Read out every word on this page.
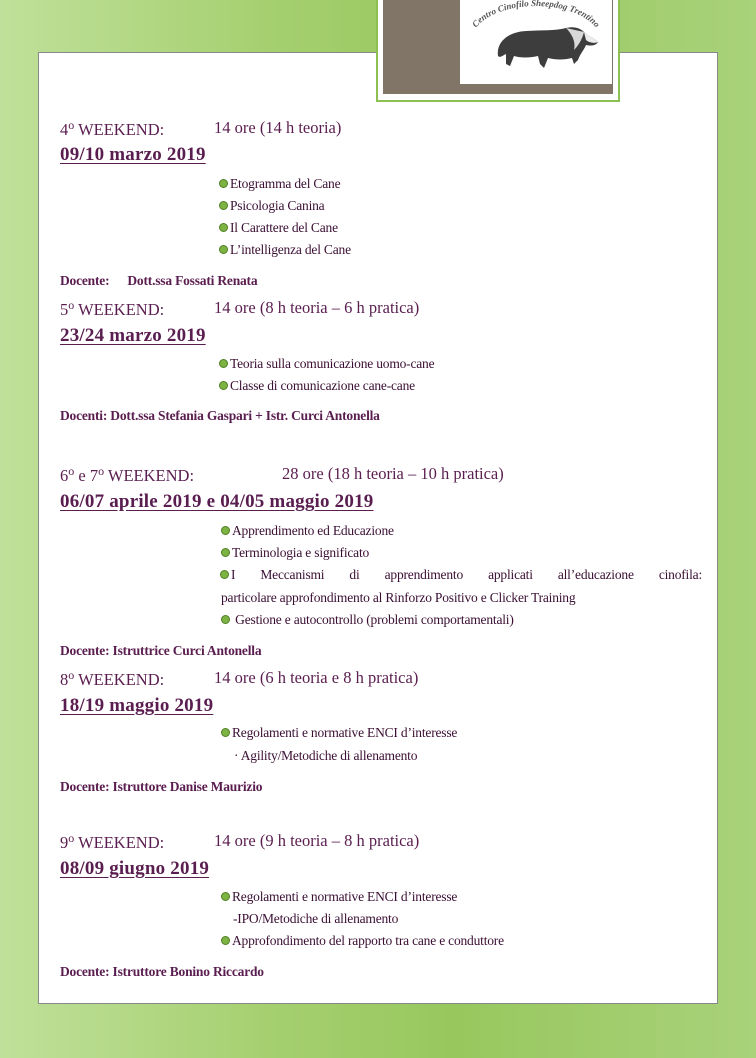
Centro Cinofilo Sheepdog Trentino
4$^o$ WEEKEND:	14 ore (14 h teoria)
09/10 marzo 2019
Etogramma del Cane
Psicologia Canina
Il Carattere del Cane
L’intelligenza del Cane
Docente: Dott.ssa Fossati Renata
5$^o$ WEEKEND:	14 ore (8 h teoria – 6 h pratica)
23/24 marzo 2019
Teoria sulla comunicazione uomo-cane
Classe di comunicazione cane-cane
Docenti: Dott.ssa Stefania Gaspari + Istr. Curci Antonella
6$^o$ e 7$^o$ WEEKEND:	28 ore (18 h teoria – 10 h pratica)
06/07 aprile 2019 e 04/05 maggio 2019
Apprendimento ed Educazione
Terminologia e significato
I Meccanismi di apprendimento applicati all’educazione cinofila:
particolare approfondimento al Rinforzo Positivo e Clicker Training
Gestione e autocontrollo (problemi comportamentali)
Docente: Istruttrice Curci Antonella
8$^o$ WEEKEND:	14 ore (6 h teoria e 8 h pratica)
18/19 maggio 2019
Regolamenti e normative ENCI d’interesse
· Agility/Metodiche di allenamento
Docente: Istruttore Danise Maurizio
9$^o$ WEEKEND:	14 ore (9 h teoria – 8 h pratica)
08/09 giugno 2019
Regolamenti e normative ENCI d’interesse
-IPO/Metodiche di allenamento
Approfondimento del rapporto tra cane e conduttore
Docente: Istruttore Bonino Riccardo
